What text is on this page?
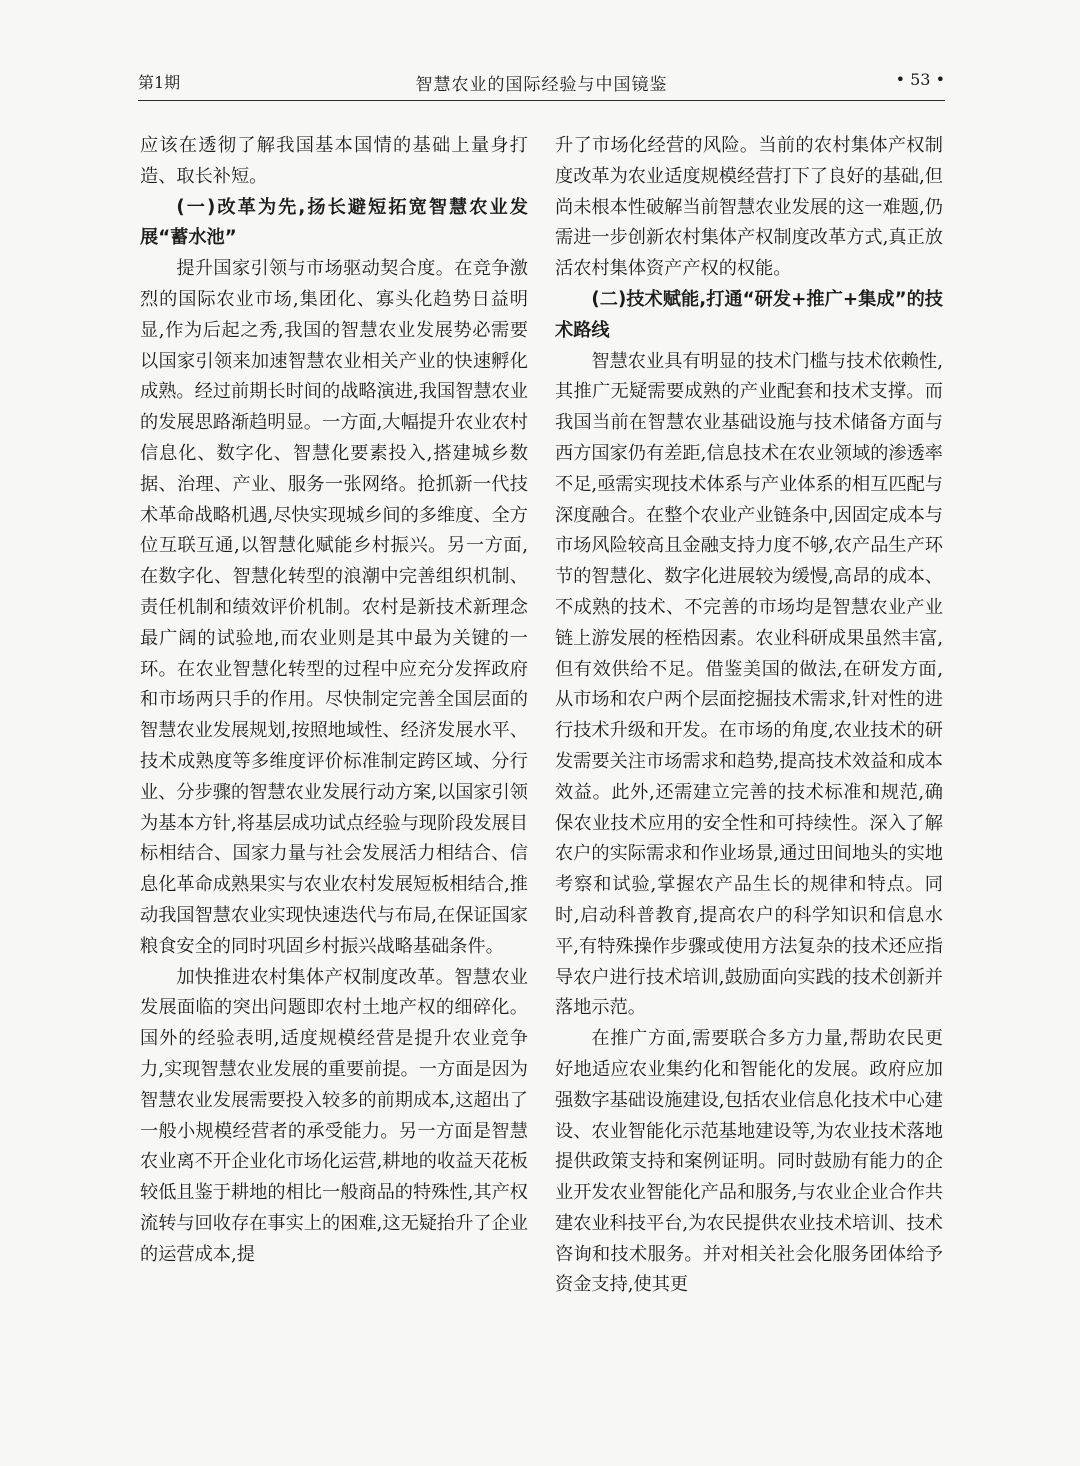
第1期	智慧农业的国际经验与中国镜鉴	• 53 •

应该在透彻了解我国基本国情的基础上量身打造、取长补短。

(一)改革为先,扬长避短拓宽智慧农业发展“蓄水池”

提升国家引领与市场驱动契合度。在竞争激烈的国际农业市场,集团化、寡头化趋势日益明显,作为后起之秀,我国的智慧农业发展势必需要以国家引领来加速智慧农业相关产业的快速孵化成熟。经过前期长时间的战略演进,我国智慧农业的发展思路渐趋明显。一方面,大幅提升农业农村信息化、数字化、智慧化要素投入,搭建城乡数据、治理、产业、服务一张网络。抢抓新一代技术革命战略机遇,尽快实现城乡间的多维度、全方位互联互通,以智慧化赋能乡村振兴。另一方面,在数字化、智慧化转型的浪潮中完善组织机制、责任机制和绩效评价机制。农村是新技术新理念最广阔的试验地,而农业则是其中最为关键的一环。在农业智慧化转型的过程中应充分发挥政府和市场两只手的作用。尽快制定完善全国层面的智慧农业发展规划,按照地域性、经济发展水平、技术成熟度等多维度评价标准制定跨区域、分行业、分步骤的智慧农业发展行动方案,以国家引领为基本方针,将基层成功试点经验与现阶段发展目标相结合、国家力量与社会发展活力相结合、信息化革命成熟果实与农业农村发展短板相结合,推动我国智慧农业实现快速迭代与布局,在保证国家粮食安全的同时巩固乡村振兴战略基础条件。

加快推进农村集体产权制度改革。智慧农业发展面临的突出问题即农村土地产权的细碎化。国外的经验表明,适度规模经营是提升农业竞争力,实现智慧农业发展的重要前提。一方面是因为智慧农业发展需要投入较多的前期成本,这超出了一般小规模经营者的承受能力。另一方面是智慧农业离不开企业化市场化运营,耕地的收益天花板较低且鉴于耕地的相比一般商品的特殊性,其产权流转与回收存在事实上的困难,这无疑抬升了企业的运营成本,提

升了市场化经营的风险。当前的农村集体产权制度改革为农业适度规模经营打下了良好的基础,但尚未根本性破解当前智慧农业发展的这一难题,仍需进一步创新农村集体产权制度改革方式,真正放活农村集体资产产权的权能。

(二)技术赋能,打通“研发+推广+集成”的技术路线

智慧农业具有明显的技术门槛与技术依赖性,其推广无疑需要成熟的产业配套和技术支撑。而我国当前在智慧农业基础设施与技术储备方面与西方国家仍有差距,信息技术在农业领域的渗透率不足,亟需实现技术体系与产业体系的相互匹配与深度融合。在整个农业产业链条中,因固定成本与市场风险较高且金融支持力度不够,农产品生产环节的智慧化、数字化进展较为缓慢,高昂的成本、不成熟的技术、不完善的市场均是智慧农业产业链上游发展的桎梏因素。农业科研成果虽然丰富,但有效供给不足。借鉴美国的做法,在研发方面,从市场和农户两个层面挖掘技术需求,针对性的进行技术升级和开发。在市场的角度,农业技术的研发需要关注市场需求和趋势,提高技术效益和成本效益。此外,还需建立完善的技术标准和规范,确保农业技术应用的安全性和可持续性。深入了解农户的实际需求和作业场景,通过田间地头的实地考察和试验,掌握农产品生长的规律和特点。同时,启动科普教育,提高农户的科学知识和信息水平,有特殊操作步骤或使用方法复杂的技术还应指导农户进行技术培训,鼓励面向实践的技术创新并落地示范。

在推广方面,需要联合多方力量,帮助农民更好地适应农业集约化和智能化的发展。政府应加强数字基础设施建设,包括农业信息化技术中心建设、农业智能化示范基地建设等,为农业技术落地提供政策支持和案例证明。同时鼓励有能力的企业开发农业智能化产品和服务,与农业企业合作共建农业科技平台,为农民提供农业技术培训、技术咨询和技术服务。并对相关社会化服务团体给予资金支持,使其更
